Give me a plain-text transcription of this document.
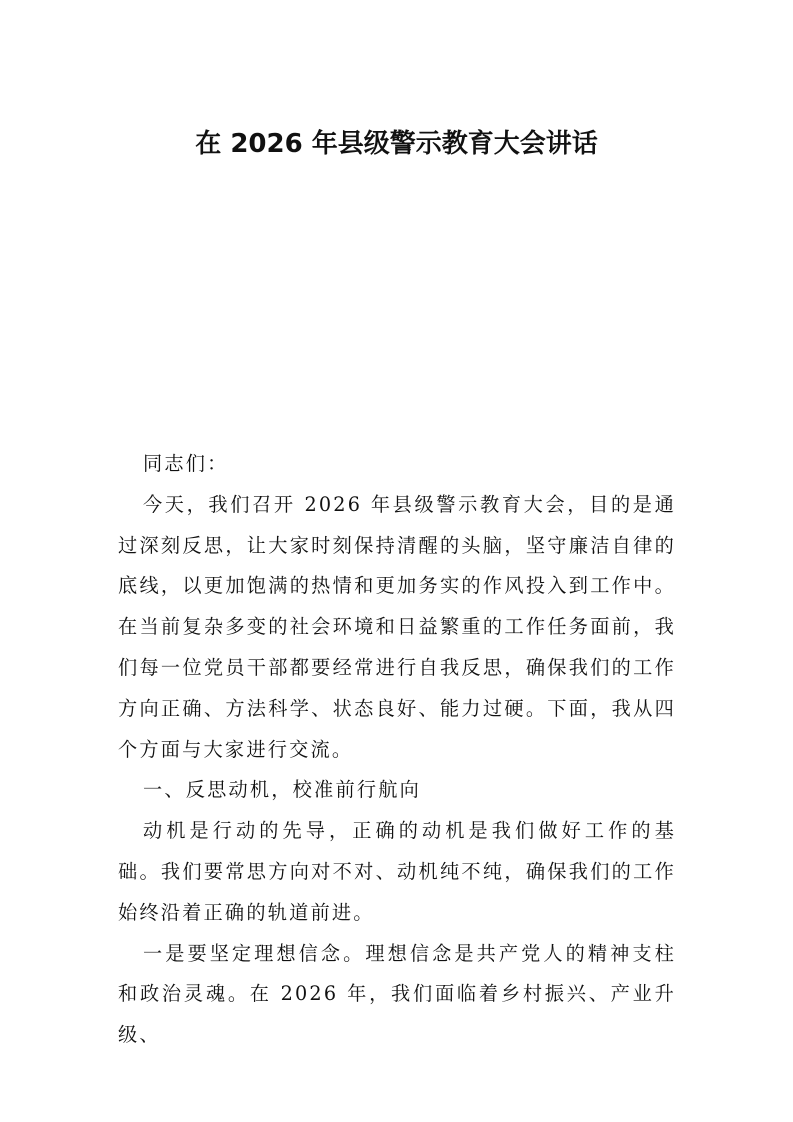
在 2026 年县级警示教育大会讲话

同志们：

今天，我们召开 2026 年县级警示教育大会，目的是通过深刻反思，让大家时刻保持清醒的头脑，坚守廉洁自律的底线，以更加饱满的热情和更加务实的作风投入到工作中。在当前复杂多变的社会环境和日益繁重的工作任务面前，我们每一位党员干部都要经常进行自我反思，确保我们的工作方向正确、方法科学、状态良好、能力过硬。下面，我从四个方面与大家进行交流。

一、反思动机，校准前行航向

动机是行动的先导，正确的动机是我们做好工作的基础。我们要常思方向对不对、动机纯不纯，确保我们的工作始终沿着正确的轨道前进。

一是要坚定理想信念。理想信念是共产党人的精神支柱和政治灵魂。在 2026 年，我们面临着乡村振兴、产业升级、
